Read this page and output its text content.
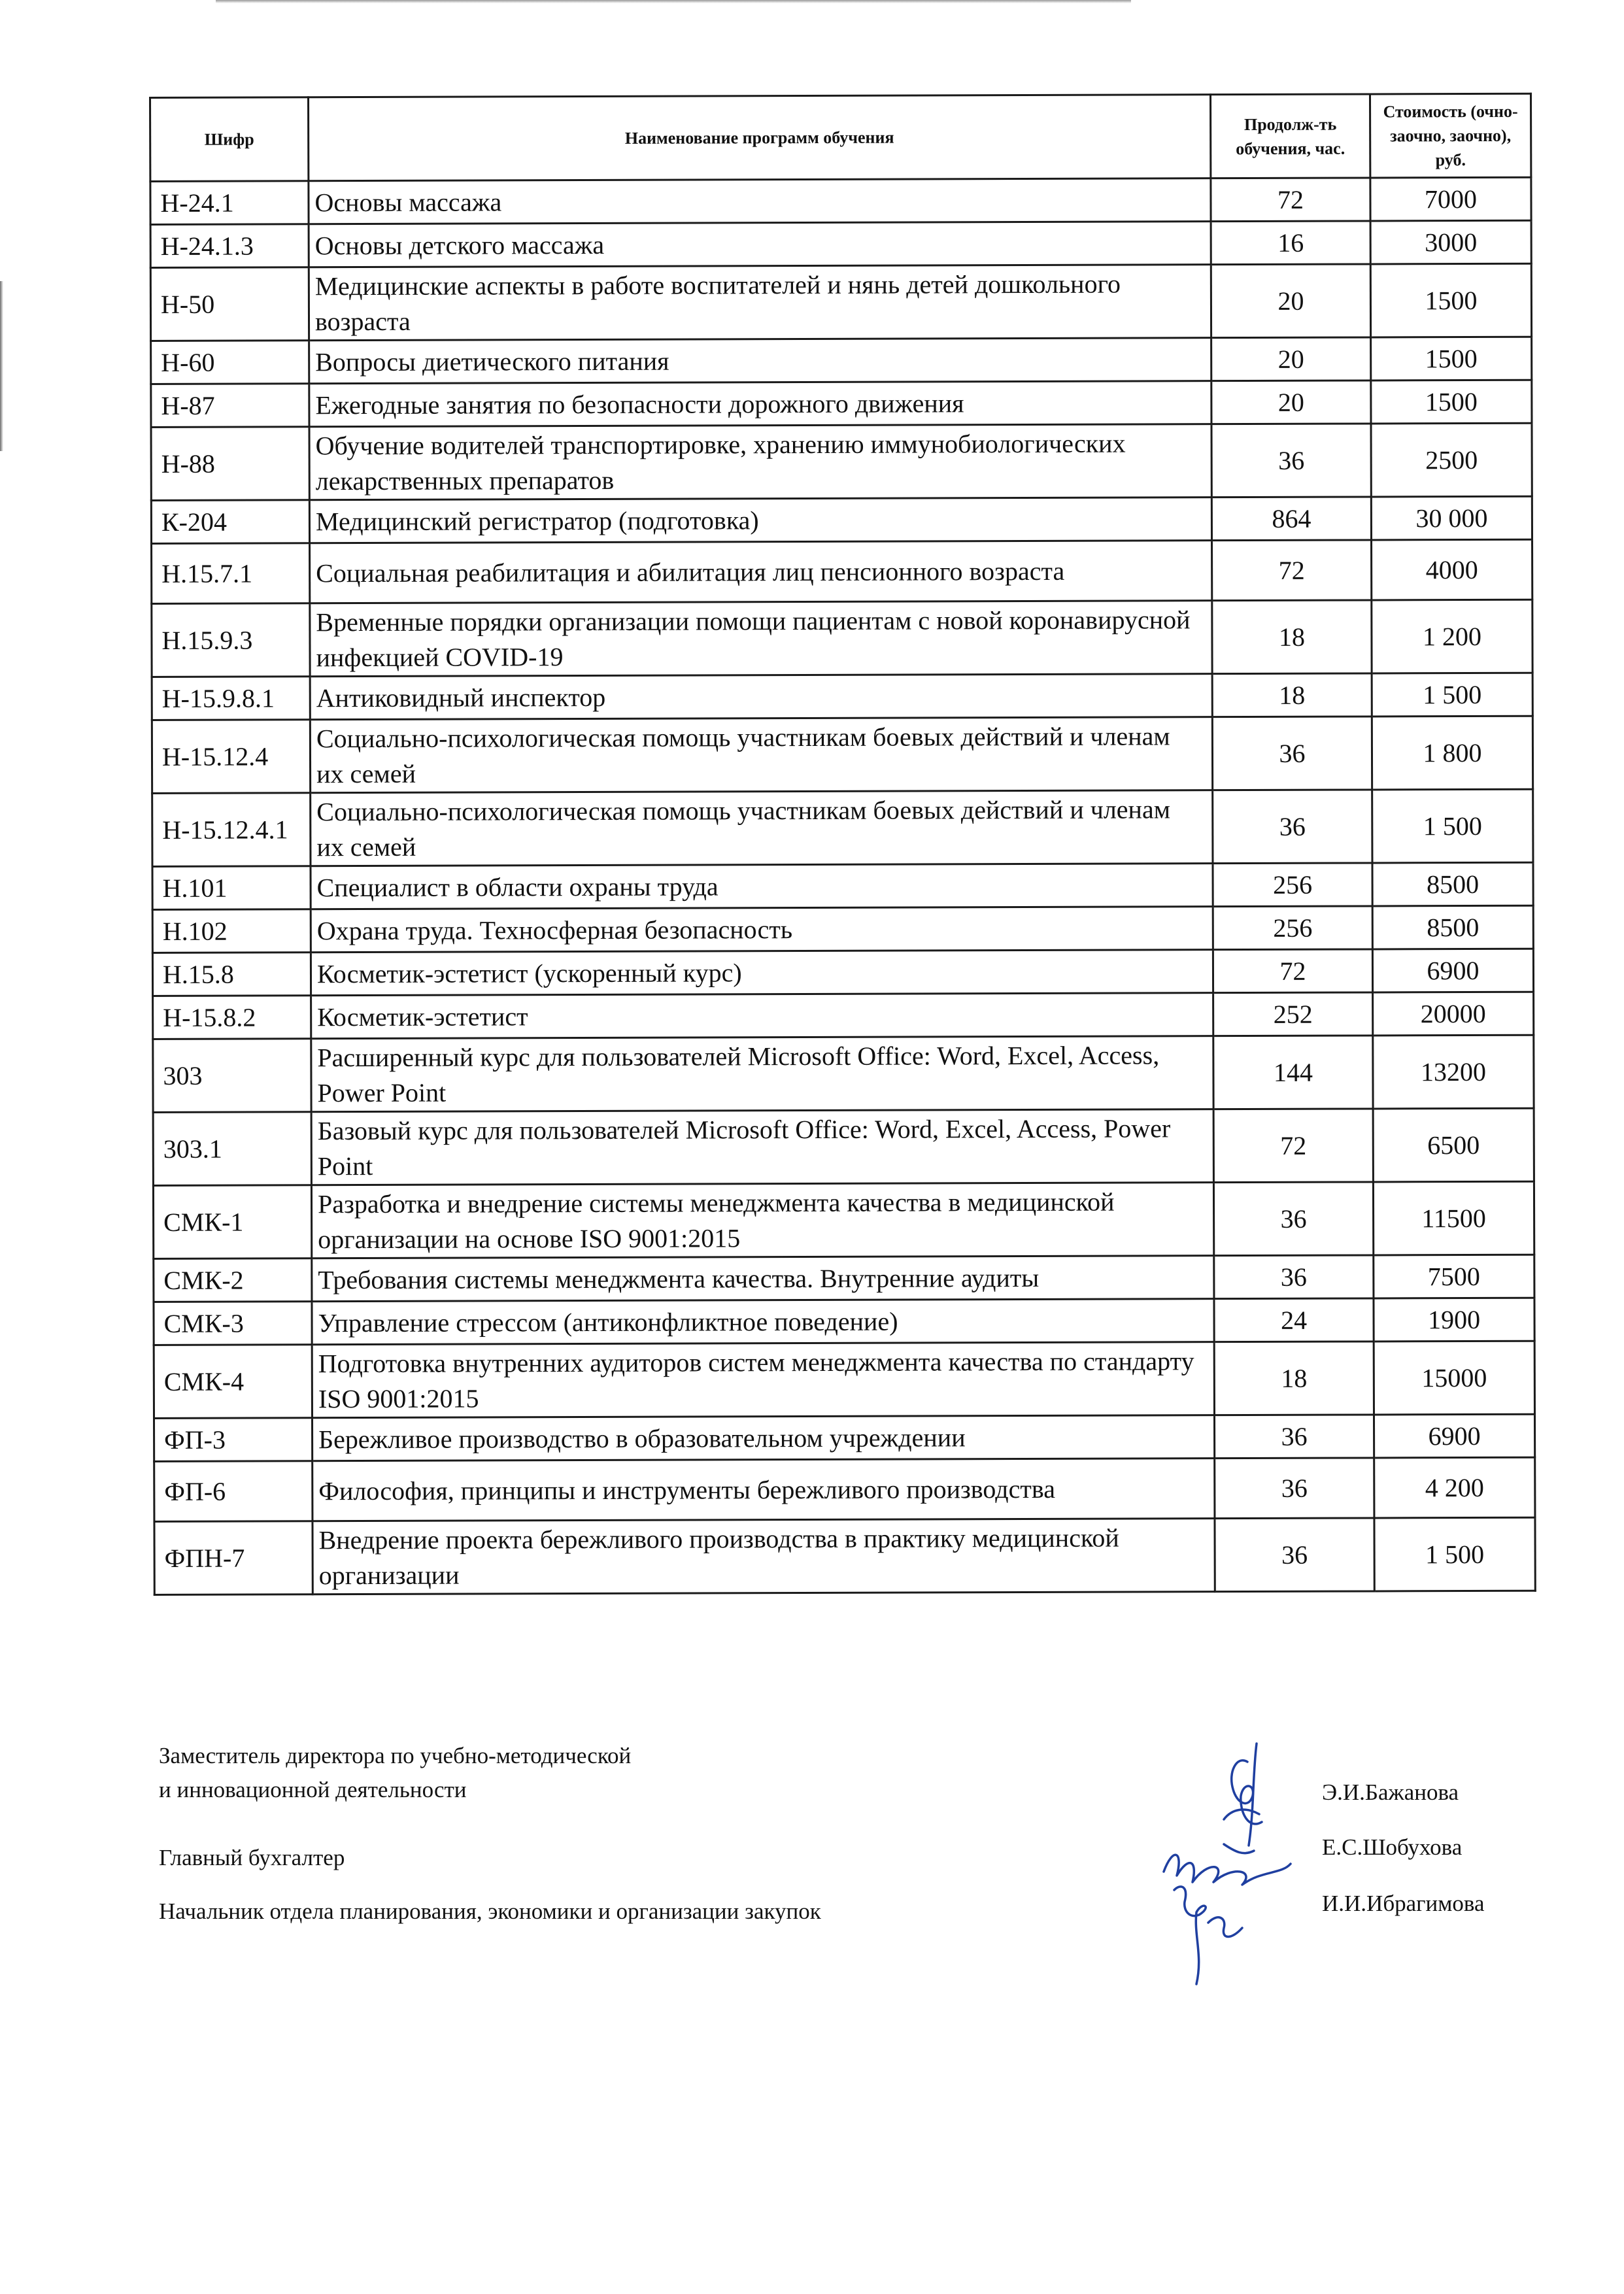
Шифр	Наименование программ обучения	Продолж-ть обучения, час.	Стоимость (очно-заочно, заочно), руб.
Н-24.1	Основы массажа	72	7000
Н-24.1.3	Основы детского массажа	16	3000
Н-50	Медицинские аспекты в работе воспитателей и нянь детей дошкольного возраста	20	1500
Н-60	Вопросы диетического питания	20	1500
Н-87	Ежегодные занятия по безопасности дорожного движения	20	1500
Н-88	Обучение водителей транспортировке, хранению иммунобиологических лекарственных препаратов	36	2500
К-204	Медицинский регистратор (подготовка)	864	30 000
Н.15.7.1	Социальная реабилитация и абилитация лиц пенсионного возраста	72	4000
Н.15.9.3	Временные порядки организации помощи пациентам с новой коронавирусной инфекцией COVID-19	18	1 200
Н-15.9.8.1	Антиковидный инспектор	18	1 500
Н-15.12.4	Социально-психологическая помощь участникам боевых действий и членам их семей	36	1 800
Н-15.12.4.1	Социально-психологическая помощь участникам боевых действий и членам их семей	36	1 500
Н.101	Специалист в области охраны труда	256	8500
Н.102	Охрана труда. Техносферная безопасность	256	8500
Н.15.8	Косметик-эстетист (ускоренный курс)	72	6900
Н-15.8.2	Косметик-эстетист	252	20000
303	Расширенный курс для пользователей Microsoft Office: Word, Excel, Access, Power Point	144	13200
303.1	Базовый курс для пользователей Microsoft Office: Word, Excel, Access, Power Point	72	6500
СМК-1	Разработка и внедрение системы менеджмента качества в медицинской организации на основе ISO 9001:2015	36	11500
СМК-2	Требования системы менеджмента качества. Внутренние аудиты	36	7500
СМК-3	Управление стрессом (антиконфликтное поведение)	24	1900
СМК-4	Подготовка внутренних аудиторов систем менеджмента качества по стандарту ISO 9001:2015	18	15000
ФП-3	Бережливое производство в образовательном учреждении	36	6900
ФП-6	Философия, принципы и инструменты бережливого производства	36	4 200
ФПН-7	Внедрение проекта бережливого производства в практику медицинской организации	36	1 500
Заместитель директора по учебно-методической
и инновационной деятельности
Главный бухгалтер
Начальник отдела планирования, экономики и организации закупок
Э.И.Бажанова
Е.С.Шобухова
И.И.Ибрагимова
